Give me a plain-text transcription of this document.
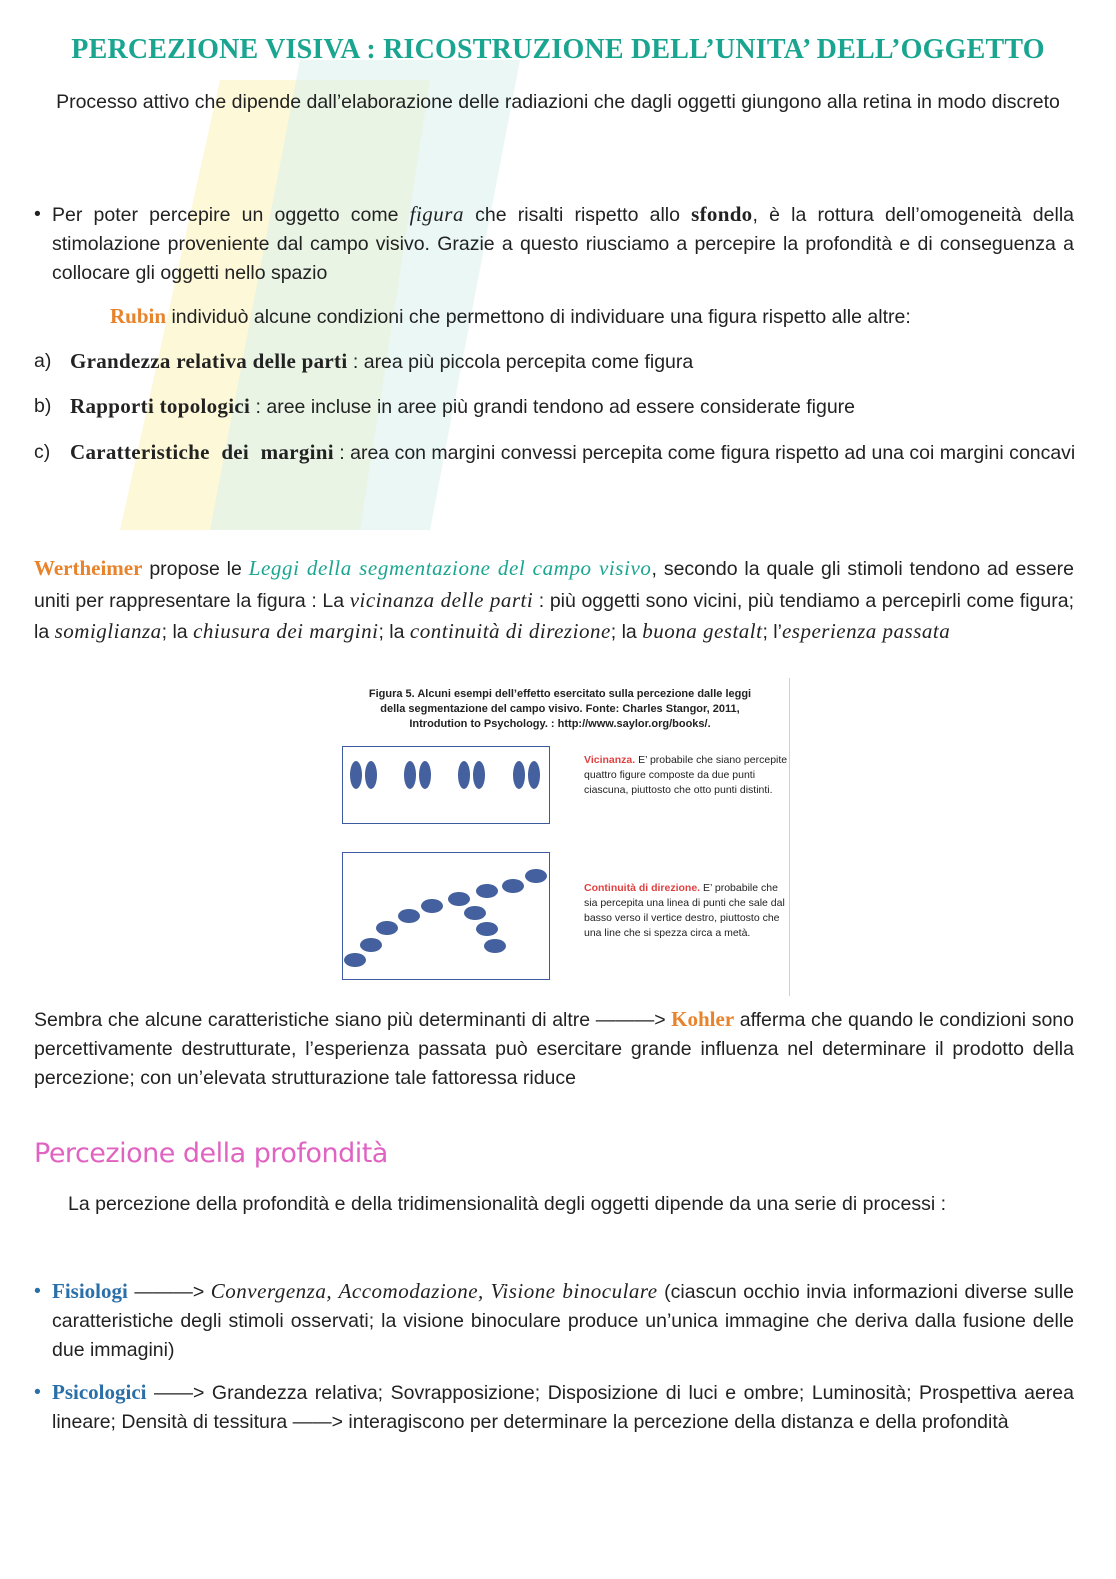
PERCEZIONE VISIVA : RICOSTRUZIONE DELL’UNITA’ DELL’OGGETTO
Processo attivo che dipende dall’elaborazione delle radiazioni che dagli oggetti giungono alla retina in modo discreto
• Per poter percepire un oggetto come figura che risalti rispetto allo sfondo, è la rottura dell’omogeneità della stimolazione proveniente dal campo visivo. Grazie a questo riusciamo a percepire la profondità e di conseguenza a collocare gli oggetti nello spazio
Rubin individuò alcune condizioni che permettono di individuare una figura rispetto alle altre:
a) Grandezza relativa delle parti : area più piccola percepita come figura
b) Rapporti topologici : aree incluse in aree più grandi tendono ad essere considerate figure
c) Caratteristiche dei margini : area con margini convessi percepita come figura rispetto ad una coi margini concavi
Wertheimer propose le Leggi della segmentazione del campo visivo, secondo la quale gli stimoli tendono ad essere uniti per rappresentare la figura : La vicinanza delle parti : più oggetti sono vicini, più tendiamo a percepirli come figura; la somiglianza; la chiusura dei margini; la continuità di direzione; la buona gestalt; l’esperienza passata
Figura 5. Alcuni esempi dell’effetto esercitato sulla percezione dalle leggi della segmentazione del campo visivo. Fonte: Charles Stangor, 2011, Introdution to Psychology. : http://www.saylor.org/books/.
Vicinanza. E’ probabile che siano percepite quattro figure composte da due punti ciascuna, piuttosto che otto punti distinti.
Continuità di direzione. E’ probabile che sia percepita una linea di punti che sale dal basso verso il vertice destro, piuttosto che una line che si spezza circa a metà.
Sembra che alcune caratteristiche siano più determinanti di altre ———> Kohler afferma che quando le condizioni sono percettivamente destrutturate, l’esperienza passata può esercitare grande influenza nel determinare il prodotto della percezione; con un’elevata strutturazione tale fattoressa riduce
Percezione della profondità
La percezione della profondità e della tridimensionalità degli oggetti dipende da una serie di processi :
• Fisiologi ———> Convergenza, Accomodazione, Visione binoculare (ciascun occhio invia informazioni diverse sulle caratteristiche degli stimoli osservati; la visione binoculare produce un’unica immagine che deriva dalla fusione delle due immagini)
• Psicologici ——> Grandezza relativa; Sovrapposizione; Disposizione di luci e ombre; Luminosità; Prospettiva aerea lineare; Densità di tessitura ——> interagiscono per determinare la percezione della distanza e della profondità
